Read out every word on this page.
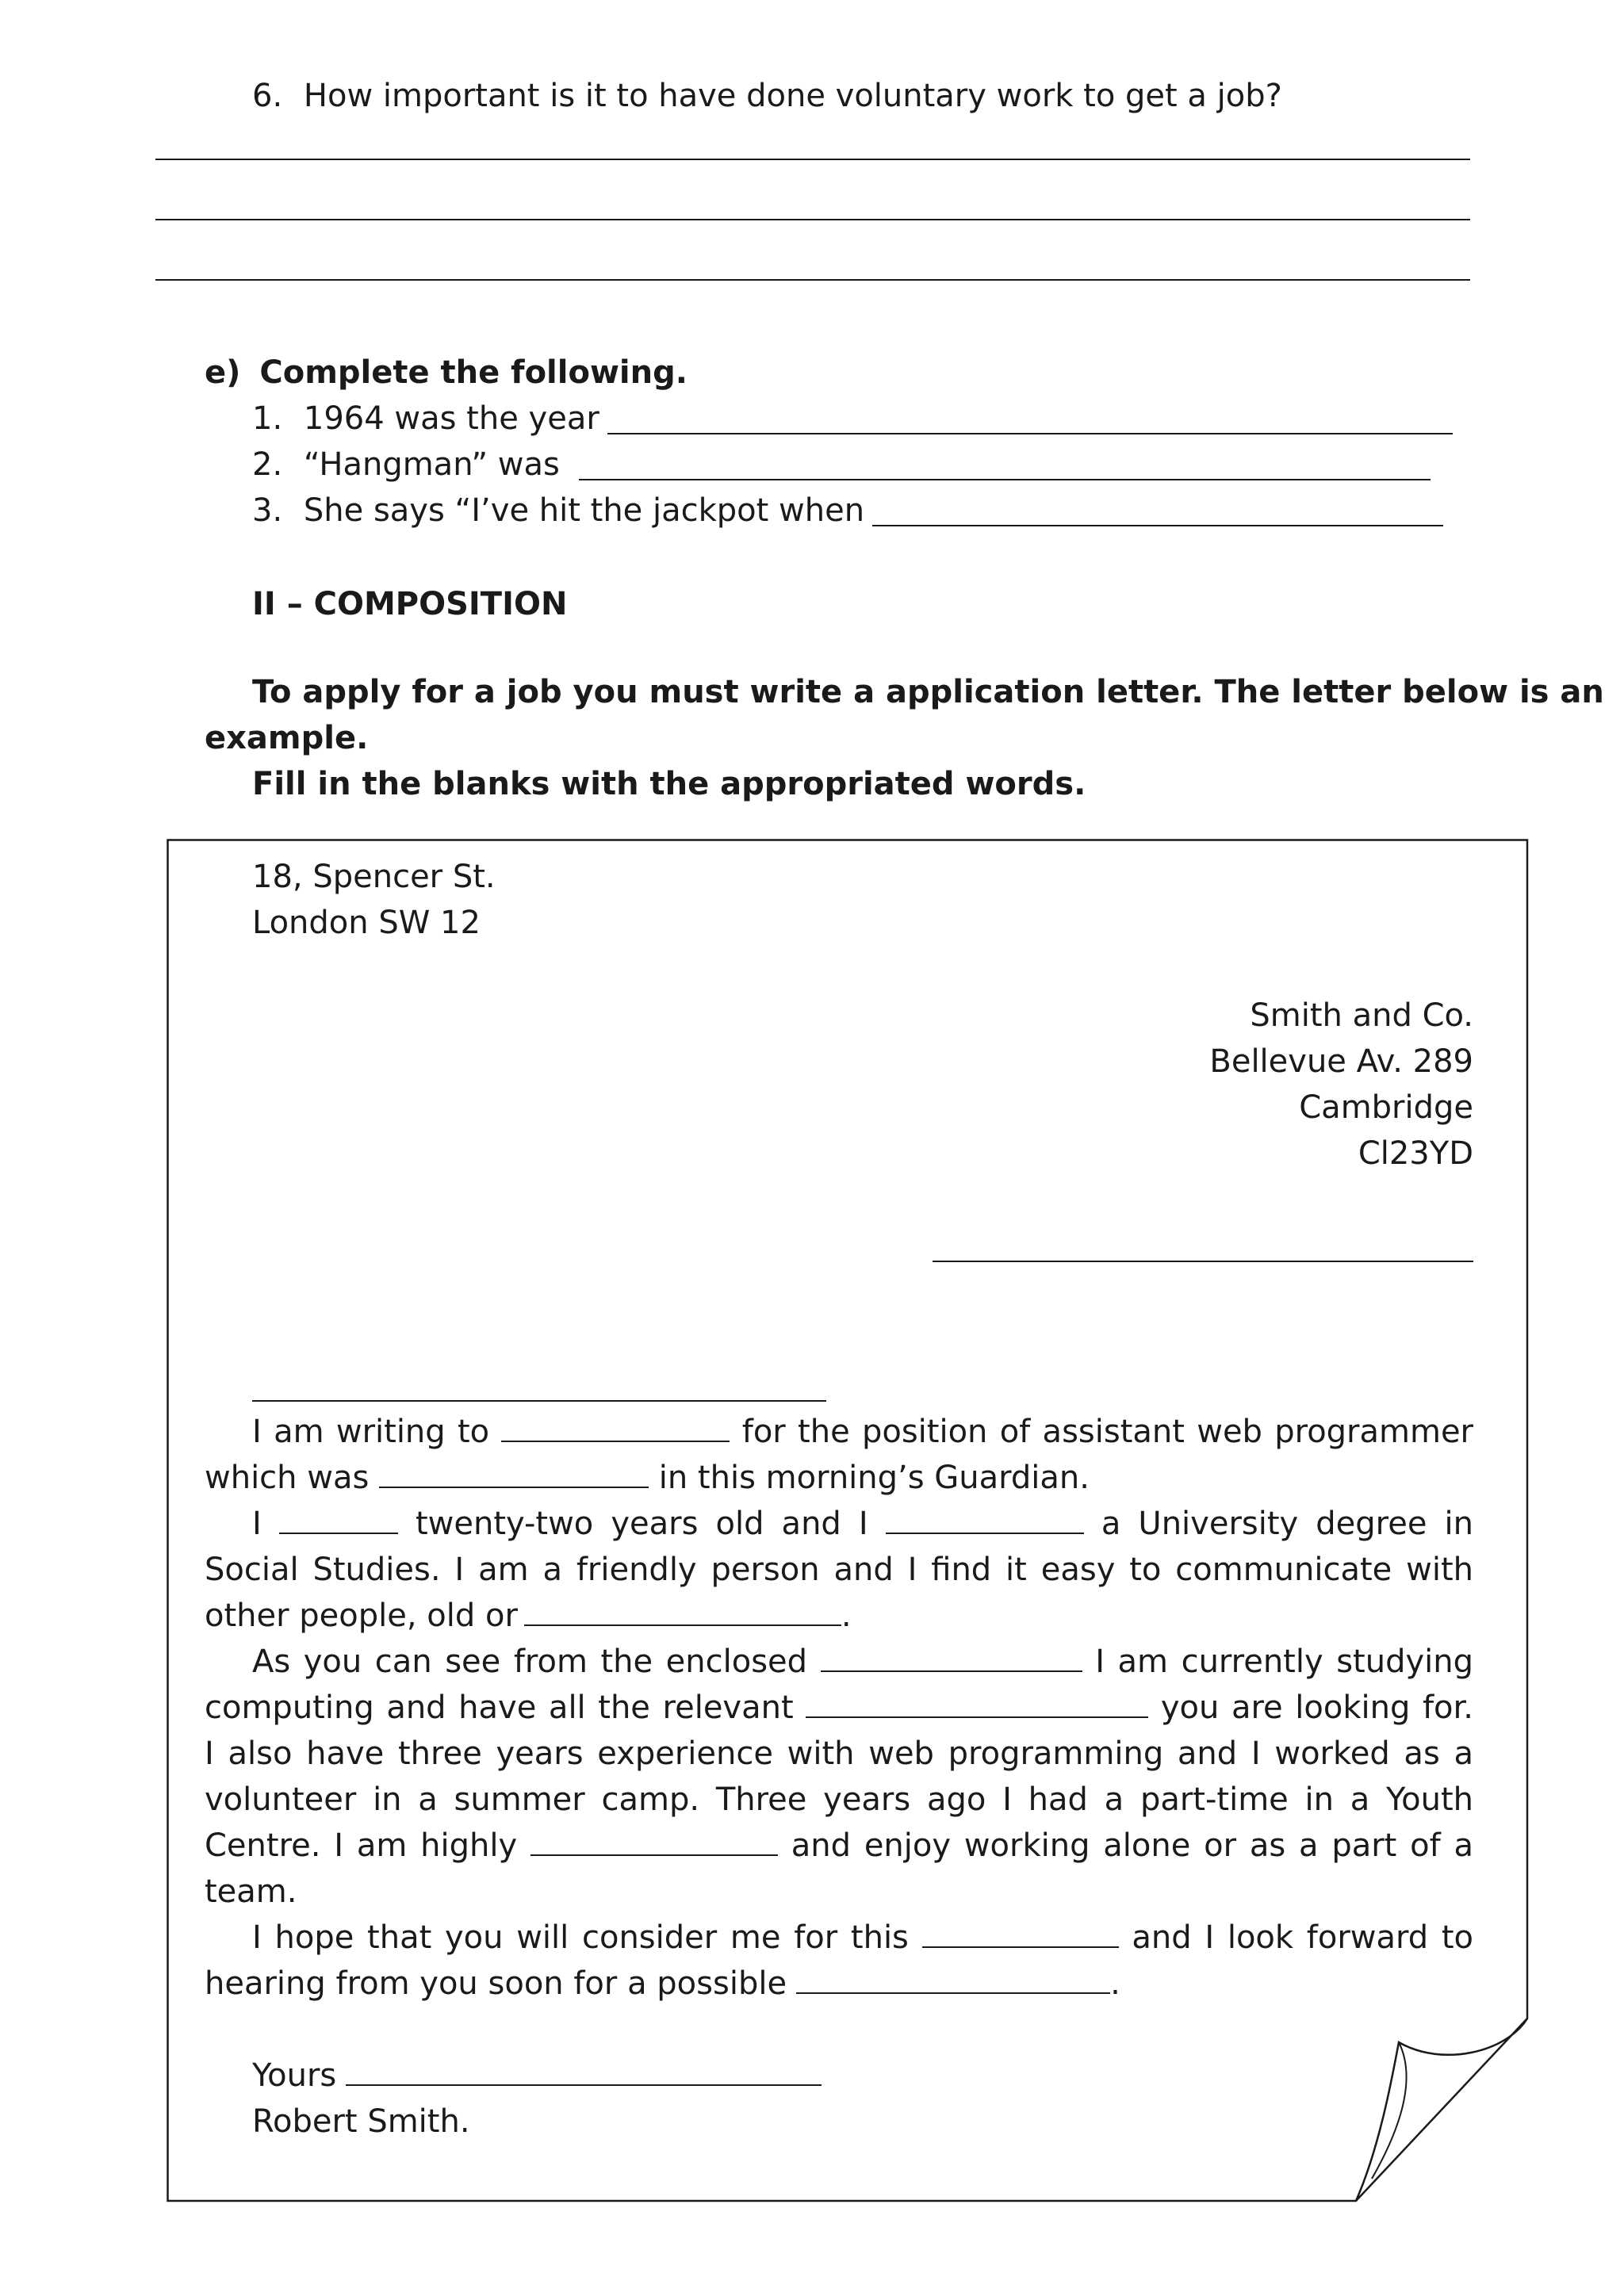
6. How important is it to have done voluntary work to get a job?
e) Complete the following.
1. 1964 was the year
2. “Hangman” was
3. She says “I’ve hit the jackpot when
II – COMPOSITION
To apply for a job you must write a application letter. The letter below is an
example.
Fill in the blanks with the appropriated words.
18, Spencer St.
London SW 12
Smith and Co.
Bellevue Av. 289
Cambridge
Cl23YD
I am writing to	for the position of assistant web programmer
which was	in this morning’s Guardian.
I	twenty-two years old and I	a University degree in
Social Studies. I am a friendly person and I find it easy to communicate with
other people, old or	.
As you can see from the enclosed	I am currently studying
computing and have all the relevant	you are looking for.
I also have three years experience with web programming and I worked as a
volunteer in a summer camp. Three years ago I had a part-time in a Youth
Centre. I am highly	and enjoy working alone or as a part of a
team.
I hope that you will consider me for this	and I look forward to
hearing from you soon for a possible	.
Yours
Robert Smith.
